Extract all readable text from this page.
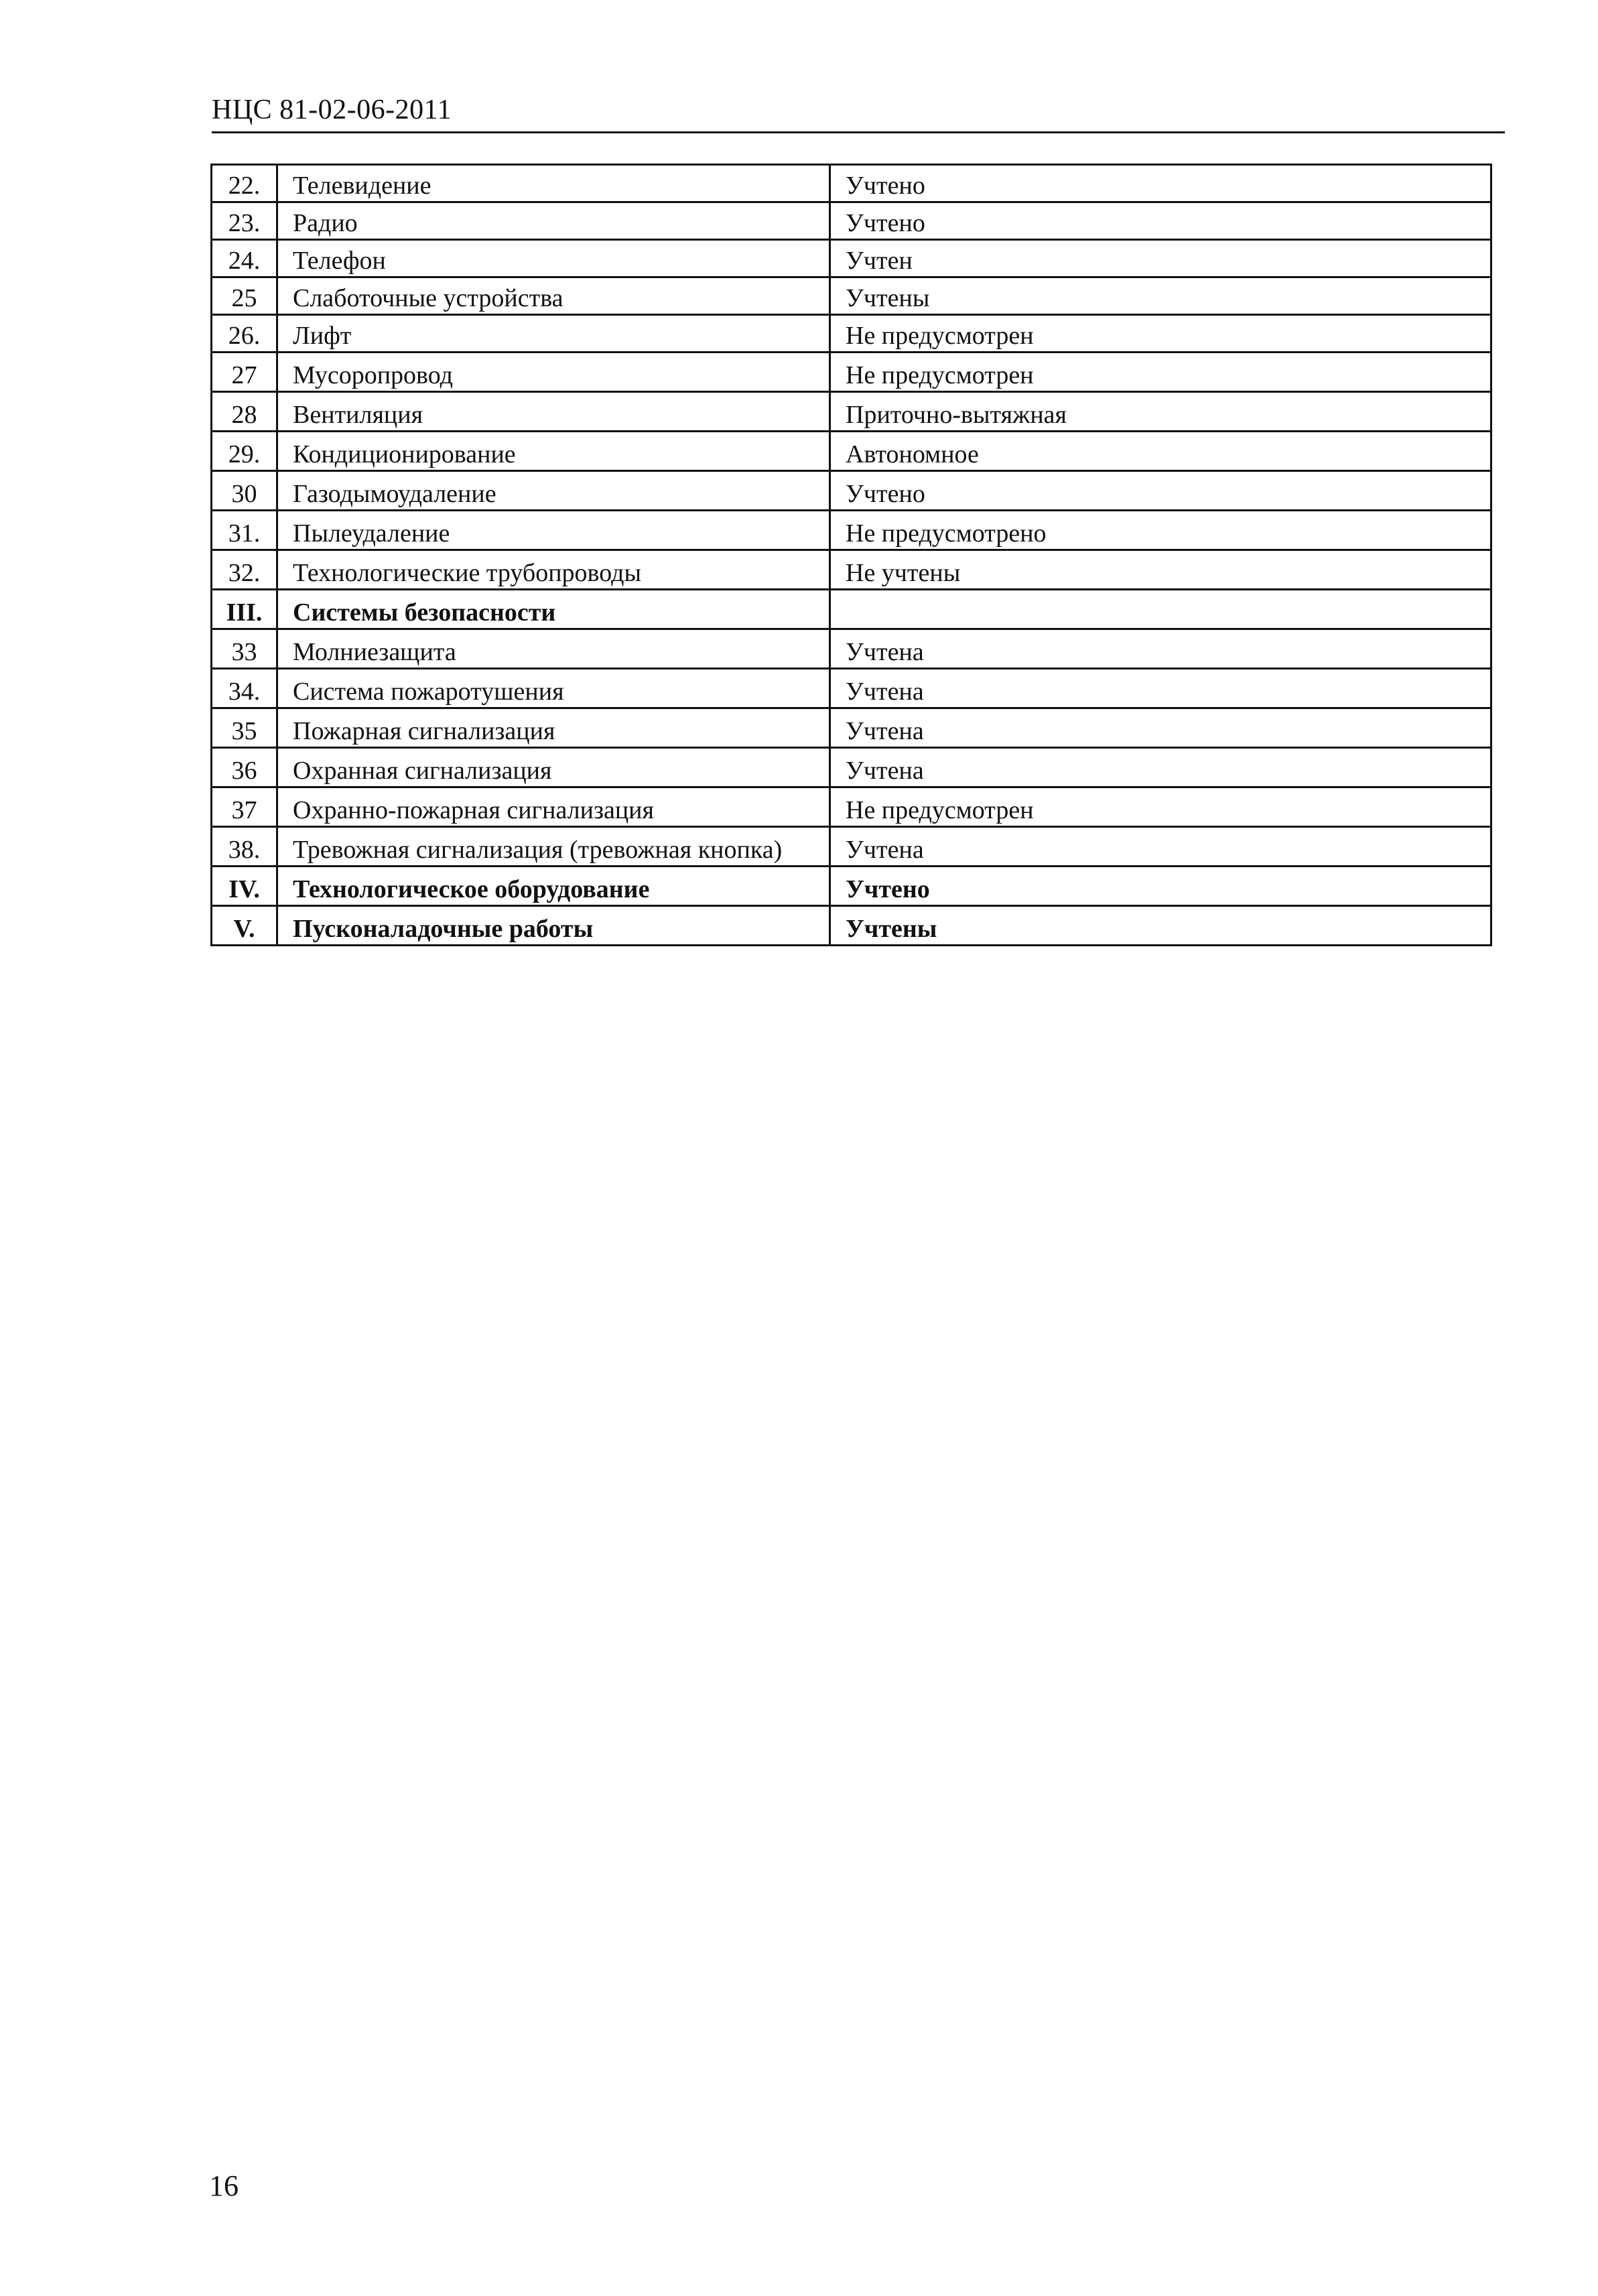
НЦС 81-02-06-2011
22.	Телевидение	Учтено
23.	Радио	Учтено
24.	Телефон	Учтен
25	Слаботочные устройства	Учтены
26.	Лифт	Не предусмотрен
27	Мусоропровод	Не предусмотрен
28	Вентиляция	Приточно-вытяжная
29.	Кондиционирование	Автономное
30	Газодымоудаление	Учтено
31.	Пылеудаление	Не предусмотрено
32.	Технологические трубопроводы	Не учтены
III.	Системы безопасности	
33	Молниезащита	Учтена
34.	Система пожаротушения	Учтена
35	Пожарная сигнализация	Учтена
36	Охранная сигнализация	Учтена
37	Охранно-пожарная сигнализация	Не предусмотрен
38.	Тревожная сигнализация (тревожная кнопка)	Учтена
IV.	Технологическое оборудование	Учтено
V.	Пусконаладочные работы	Учтены
16
